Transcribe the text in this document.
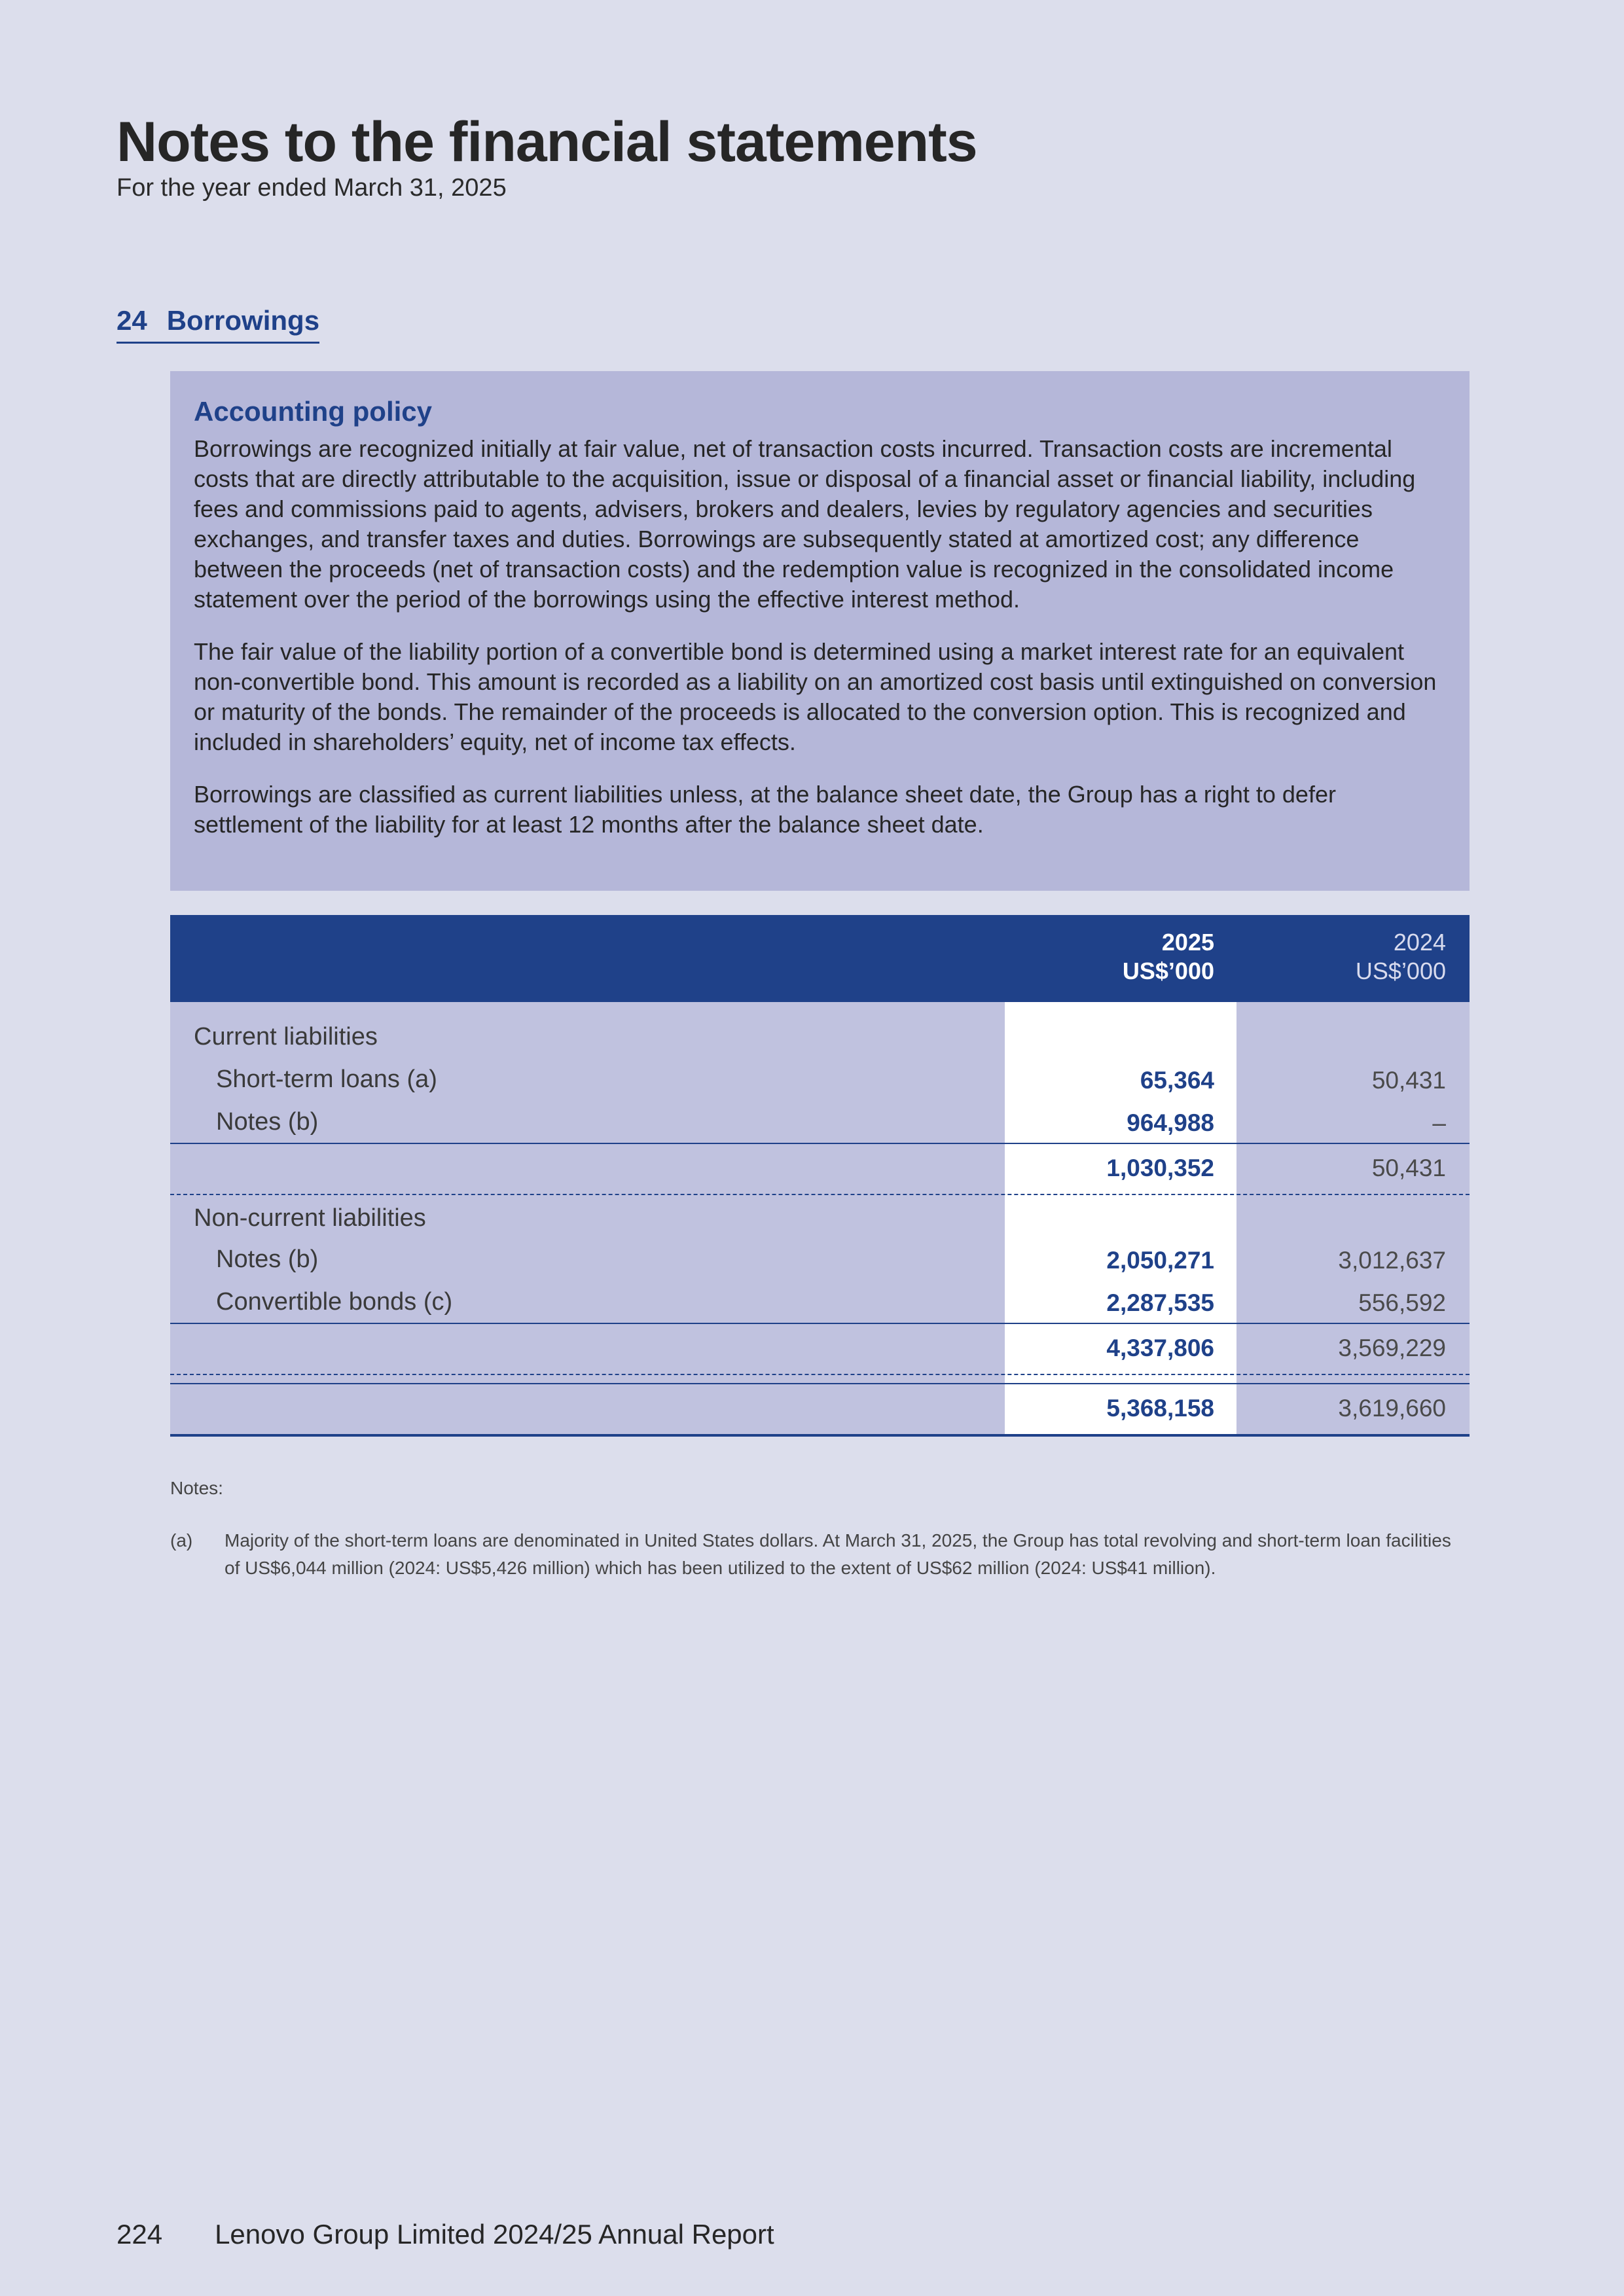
Notes to the financial statements
For the year ended March 31, 2025
24 Borrowings
Accounting policy

Borrowings are recognized initially at fair value, net of transaction costs incurred. Transaction costs are incremental costs that are directly attributable to the acquisition, issue or disposal of a financial asset or financial liability, including fees and commissions paid to agents, advisers, brokers and dealers, levies by regulatory agencies and securities exchanges, and transfer taxes and duties. Borrowings are subsequently stated at amortized cost; any difference between the proceeds (net of transaction costs) and the redemption value is recognized in the consolidated income statement over the period of the borrowings using the effective interest method.

The fair value of the liability portion of a convertible bond is determined using a market interest rate for an equivalent non-convertible bond. This amount is recorded as a liability on an amortized cost basis until extinguished on conversion or maturity of the bonds. The remainder of the proceeds is allocated to the conversion option. This is recognized and included in shareholders’ equity, net of income tax effects.

Borrowings are classified as current liabilities unless, at the balance sheet date, the Group has a right to defer settlement of the liability for at least 12 months after the balance sheet date.

2025
US$’000
2024
US$’000
Current liabilities
Short-term loans (a)	65,364	50,431
Notes (b)	964,988	–
1,030,352	50,431
Non-current liabilities
Notes (b)	2,050,271	3,012,637
Convertible bonds (c)	2,287,535	556,592
4,337,806	3,569,229
5,368,158	3,619,660
Notes:
(a) Majority of the short-term loans are denominated in United States dollars. At March 31, 2025, the Group has total revolving and short-term loan facilities of US$6,044 million (2024: US$5,426 million) which has been utilized to the extent of US$62 million (2024: US$41 million).
224 Lenovo Group Limited 2024/25 Annual Report
